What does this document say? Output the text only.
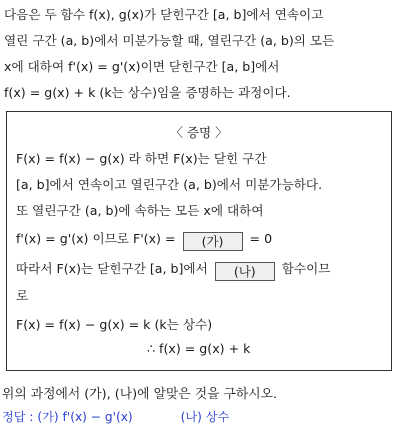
다음은 두 함수 f(x), g(x)가 닫힌구간 [a, b]에서 연속이고
열린 구간 (a, b)에서 미분가능할 때, 열린구간 (a, b)의 모든
x에 대하여 f'(x) = g'(x)이면 닫힌구간 [a, b]에서
f(x) = g(x) + k (k는 상수)임을 증명하는 과정이다.
〈 증명 〉
F(x) = f(x) − g(x) 라 하면 F(x)는 닫힌 구간
[a, b]에서 연속이고 열린구간 (a, b)에서 미분가능하다.
또 열린구간 (a, b)에 속하는 모든 x에 대하여
f'(x) = g'(x) 이므로 F'(x) = (가) = 0
따라서 F(x)는 닫힌구간 [a, b]에서 (나) 함수이므
로
F(x) = f(x) − g(x) = k (k는 상수)
∴ f(x) = g(x) + k
위의 과정에서 (가), (나)에 알맞은 것을 구하시오.
정답 : (가) f'(x) − g'(x)	(나) 상수
